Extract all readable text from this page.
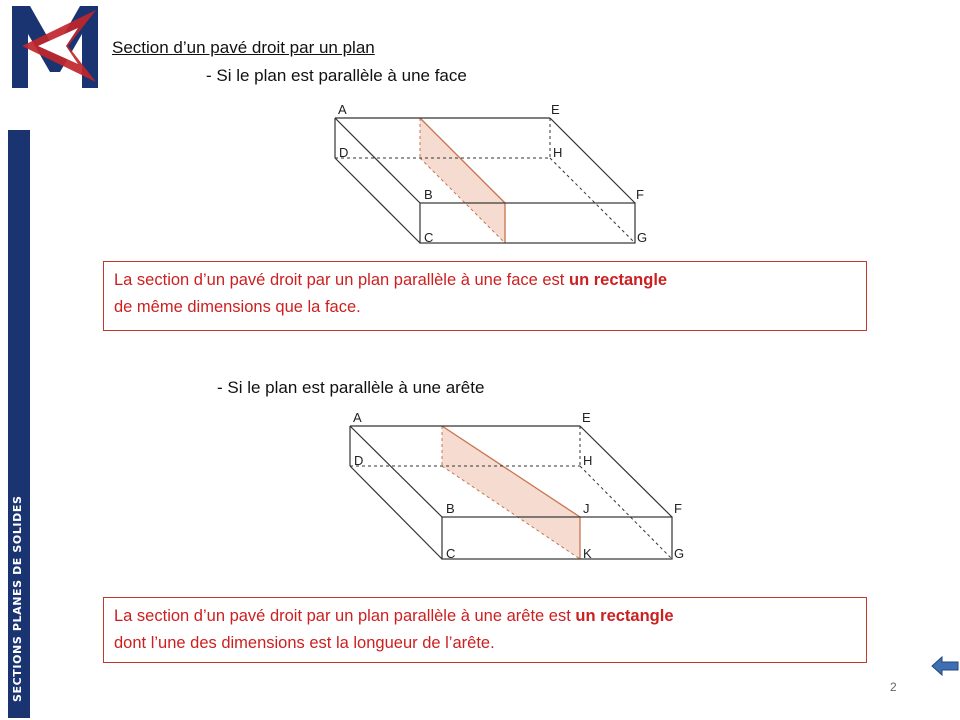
SECTIONS PLANES DE SOLIDES
Section d’un pavé droit par un plan
- Si le plan est parallèle à une face
A	E
D	H
B	F
C	G
La section d’un pavé droit par un plan parallèle à une face est un rectangle
de même dimensions que la face.
- Si le plan est parallèle à une arête
A	E
D	H
B	J	F
C	K	G
La section d’un pavé droit par un plan parallèle à une arête est un rectangle
dont l’une des dimensions est la longueur de l’arête.
2
